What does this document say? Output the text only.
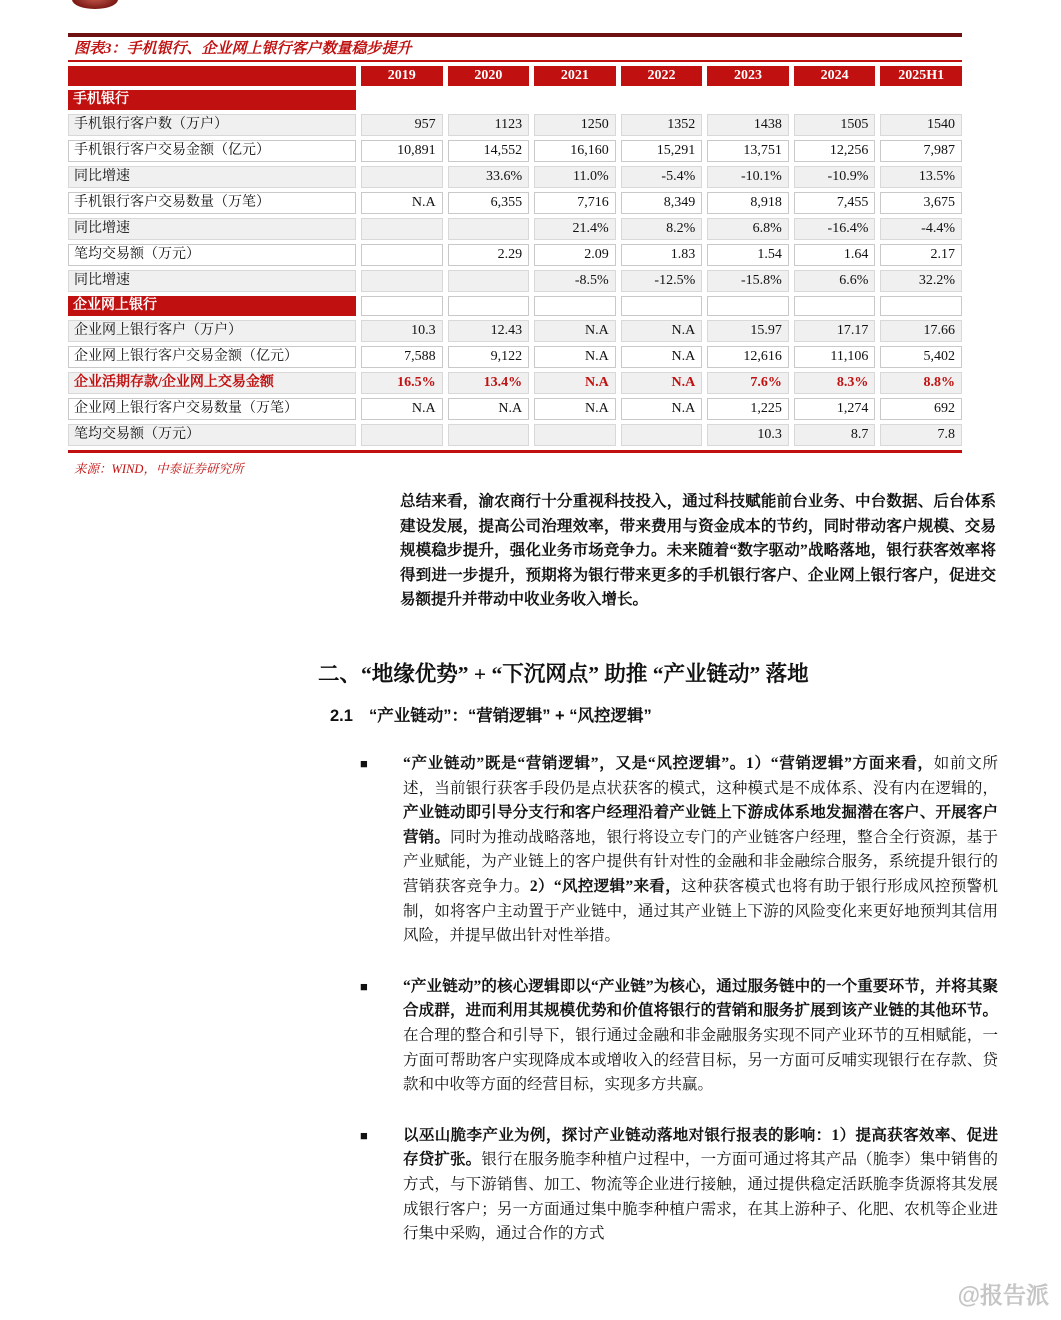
图表3：手机银行、企业网上银行客户数量稳步提升
	2019	2020	2021	2022	2023	2024	2025H1
手机银行							
手机银行客户数（万户）	957	1123	1250	1352	1438	1505	1540
手机银行客户交易金额（亿元）	10,891	14,552	16,160	15,291	13,751	12,256	7,987
同比增速		33.6%	11.0%	-5.4%	-10.1%	-10.9%	13.5%
手机银行客户交易数量（万笔）	N.A	6,355	7,716	8,349	8,918	7,455	3,675
同比增速			21.4%	8.2%	6.8%	-16.4%	-4.4%
笔均交易额（万元）		2.29	2.09	1.83	1.54	1.64	2.17
同比增速			-8.5%	-12.5%	-15.8%	6.6%	32.2%
企业网上银行							
企业网上银行客户（万户）	10.3	12.43	N.A	N.A	15.97	17.17	17.66
企业网上银行客户交易金额（亿元）	7,588	9,122	N.A	N.A	12,616	11,106	5,402
企业活期存款/企业网上交易金额	16.5%	13.4%	N.A	N.A	7.6%	8.3%	8.8%
企业网上银行客户交易数量（万笔）	N.A	N.A	N.A	N.A	1,225	1,274	692
笔均交易额（万元）					10.3	8.7	7.8
来源：WIND，中泰证券研究所

总结来看，渝农商行十分重视科技投入，通过科技赋能前台业务、中台数据、后台体系建设发展，提高公司治理效率，带来费用与资金成本的节约，同时带动客户规模、交易规模稳步提升，强化业务市场竞争力。未来随着“数字驱动”战略落地，银行获客效率将得到进一步提升，预期将为银行带来更多的手机银行客户、企业网上银行客户，促进交易额提升并带动中收业务收入增长。

二、“地缘优势” + “下沉网点” 助推 “产业链动” 落地
2.1 “产业链动”：“营销逻辑” + “风控逻辑”
■	“产业链动”既是“营销逻辑”，又是“风控逻辑”。1）“营销逻辑”方面来看，如前文所述，当前银行获客手段仍是点状获客的模式，这种模式是不成体系、没有内在逻辑的，产业链动即引导分支行和客户经理沿着产业链上下游成体系地发掘潜在客户、开展客户营销。同时为推动战略落地，银行将设立专门的产业链客户经理，整合全行资源，基于产业赋能，为产业链上的客户提供有针对性的金融和非金融综合服务，系统提升银行的营销获客竞争力。2）“风控逻辑”来看，这种获客模式也将有助于银行形成风控预警机制，如将客户主动置于产业链中，通过其产业链上下游的风险变化来更好地预判其信用风险，并提早做出针对性举措。

■	“产业链动”的核心逻辑即以“产业链”为核心，通过服务链中的一个重要环节，并将其聚合成群，进而利用其规模优势和价值将银行的营销和服务扩展到该产业链的其他环节。在合理的整合和引导下，银行通过金融和非金融服务实现不同产业环节的互相赋能，一方面可帮助客户实现降成本或增收入的经营目标，另一方面可反哺实现银行在存款、贷款和中收等方面的经营目标，实现多方共赢。

■	以巫山脆李产业为例，探讨产业链动落地对银行报表的影响：1）提高获客效率、促进存贷扩张。银行在服务脆李种植户过程中，一方面可通过将其产品（脆李）集中销售的方式，与下游销售、加工、物流等企业进行接触，通过提供稳定活跃脆李货源将其发展成银行客户；另一方面通过集中脆李种植户需求，在其上游种子、化肥、农机等企业进行集中采购，通过合作的方式

@报告派
